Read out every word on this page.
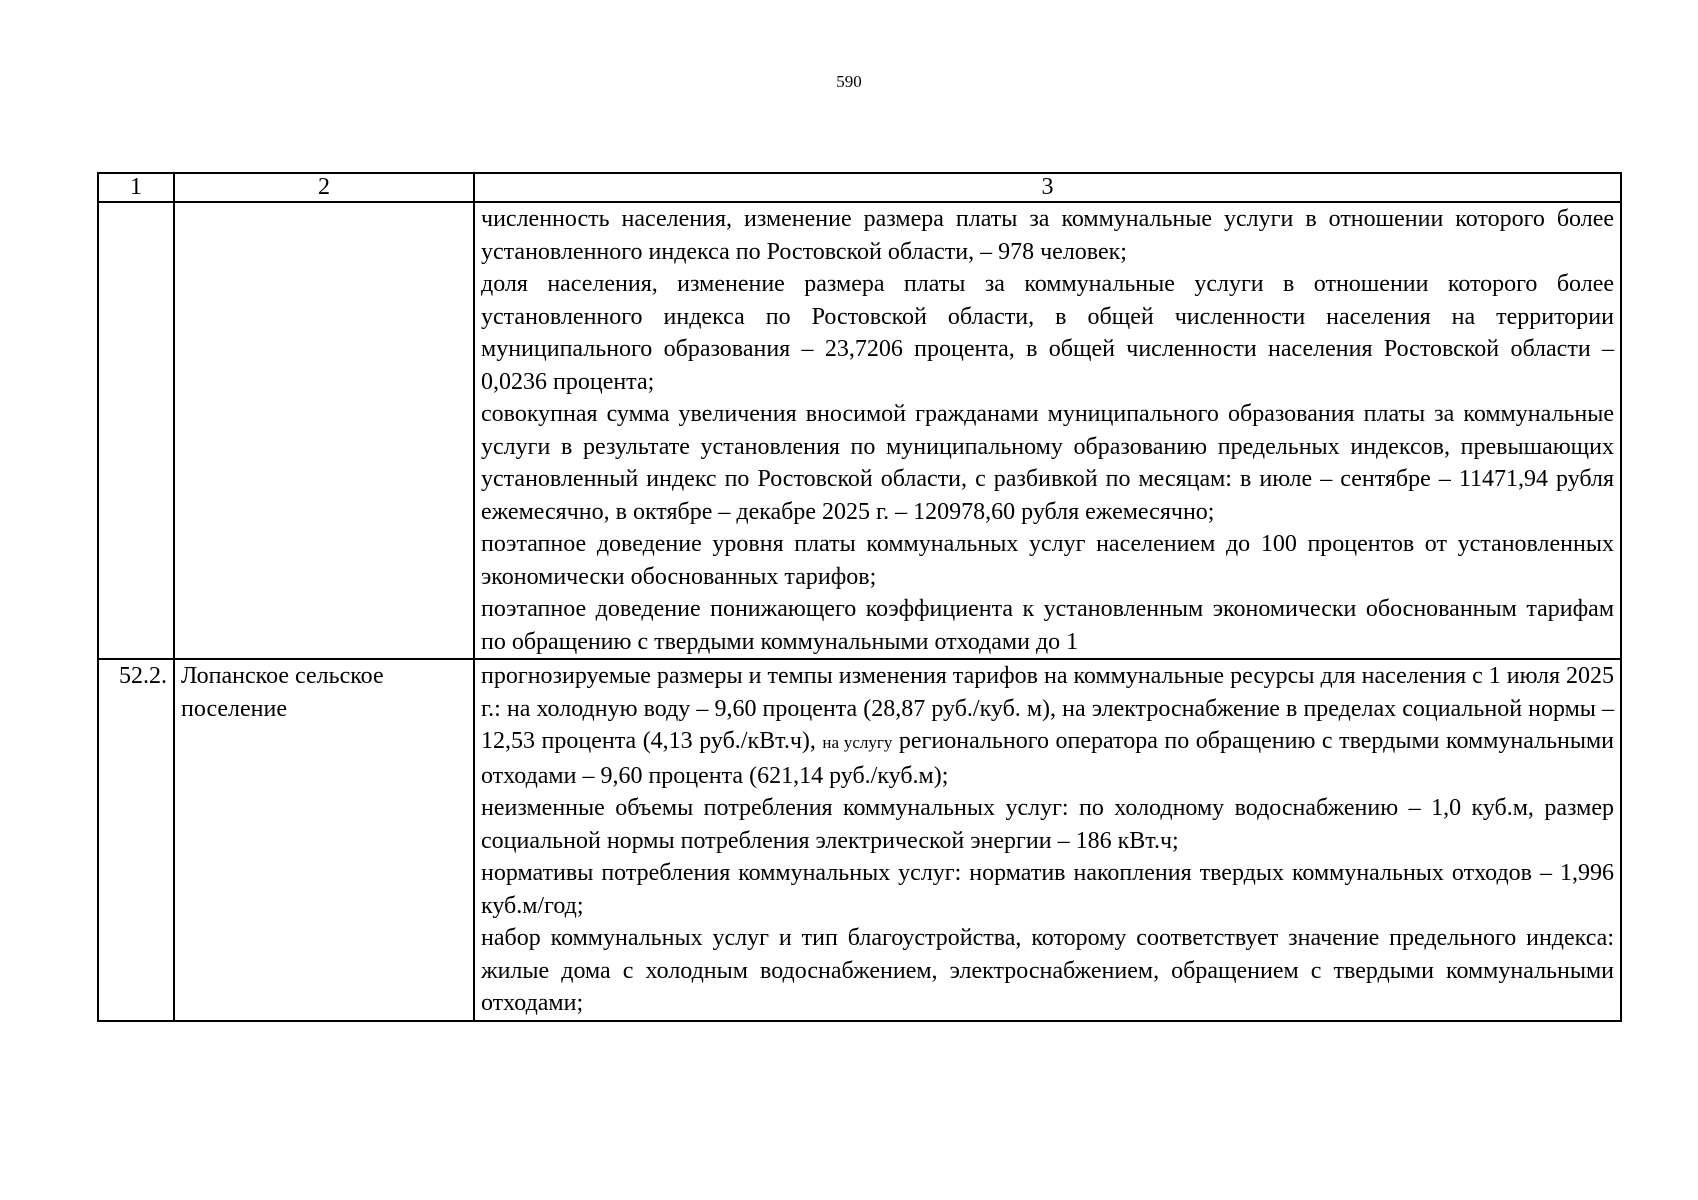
590
1	2	3

		численность населения, изменение размера платы за коммунальные услуги в отношении которого более установленного индекса по Ростовской области, – 978 человек;
доля населения, изменение размера платы за коммунальные услуги в отношении которого более установленного индекса по Ростовской области, в общей численности населения на территории муниципального образования – 23,7206 процента, в общей численности населения Ростовской области – 0,0236 процента;
совокупная сумма увеличения вносимой гражданами муниципального образования платы за коммунальные услуги в результате установления по муниципальному образованию предельных индексов, превышающих установленный индекс по Ростовской области, с разбивкой по месяцам: в июле – сентябре – 11471,94 рубля ежемесячно, в октябре – декабре 2025 г. – 120978,60 рубля ежемесячно;
поэтапное доведение уровня платы коммунальных услуг населением до 100 процентов от установленных экономически обоснованных тарифов;
поэтапное доведение понижающего коэффициента к установленным экономически обоснованным тарифам по обращению с твердыми коммунальными отходами до 1

52.2.	Лопанское сельское поселение	прогнозируемые размеры и темпы изменения тарифов на коммунальные ресурсы для населения с 1 июля 2025 г.: на холодную воду – 9,60 процента (28,87 руб./куб. м), на электроснабжение в пределах социальной нормы – 12,53 процента (4,13 руб./кВт.ч), на услугу регионального оператора по обращению с твердыми коммунальными отходами – 9,60 процента (621,14 руб./куб.м);
неизменные объемы потребления коммунальных услуг: по холодному водоснабжению – 1,0 куб.м, размер социальной нормы потребления электрической энергии – 186 кВт.ч;
нормативы потребления коммунальных услуг: норматив накопления твердых коммунальных отходов – 1,996 куб.м/год;
набор коммунальных услуг и тип благоустройства, которому соответствует значение предельного индекса: жилые дома с холодным водоснабжением, электроснабжением, обращением с твердыми коммунальными отходами;
